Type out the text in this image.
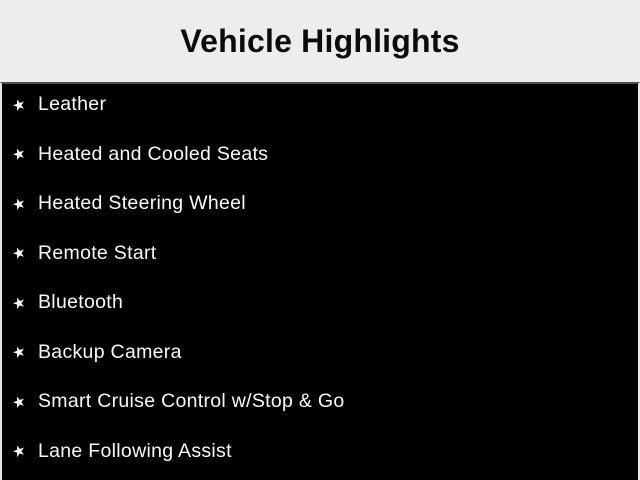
Vehicle Highlights
★ Leather
★ Heated and Cooled Seats
★ Heated Steering Wheel
★ Remote Start
★ Bluetooth
★ Backup Camera
★ Smart Cruise Control w/Stop & Go
★ Lane Following Assist
